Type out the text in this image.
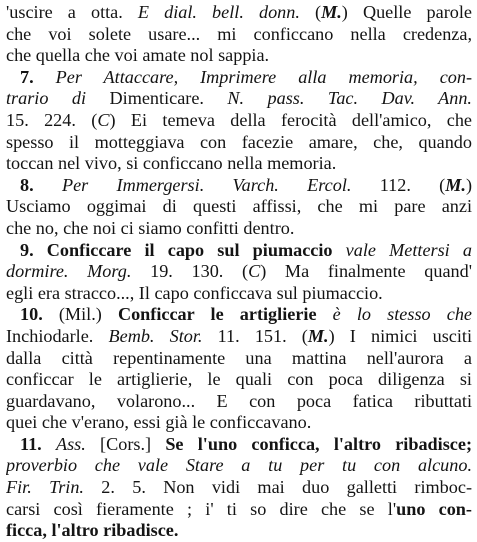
'uscire a otta. E dial. bell. donn. (M.) Quelle parole
che voi solete usare... mi conficcano nella credenza,
che quella che voi amate nol sappia.
7. Per Attaccare, Imprimere alla memoria, con-
trario di Dimenticare. N. pass. Tac. Dav. Ann.
15. 224. (C) Ei temeva della ferocità dell'amico, che
spesso il motteggiava con facezie amare, che, quando
toccan nel vivo, si conficcano nella memoria.
8. Per Immergersi. Varch. Ercol. 112. (M.)
Usciamo oggimai di questi affissi, che mi pare anzi
che no, che noi ci siamo confitti dentro.
9. Conficcare il capo sul piumaccio vale Mettersi a
dormire. Morg. 19. 130. (C) Ma finalmente quand'
egli era stracco..., Il capo conficcava sul piumaccio.
10. (Mil.) Conficcar le artiglierie è lo stesso che
Inchiodarle. Bemb. Stor. 11. 151. (M.) I nimici usciti
dalla città repentinamente una mattina nell'aurora a
conficcar le artiglierie, le quali con poca diligenza si
guardavano, volarono... E con poca fatica ributtati
quei che v'erano, essi già le conficcavano.
11. Ass. [Cors.] Se l'uno conficca, l'altro ribadisce;
proverbio che vale Stare a tu per tu con alcuno.
Fir. Trin. 2. 5. Non vidi mai duo galletti rimboc-
carsi così fieramente ; i' ti so dire che se l'uno con-
ficca, l'altro ribadisce.
